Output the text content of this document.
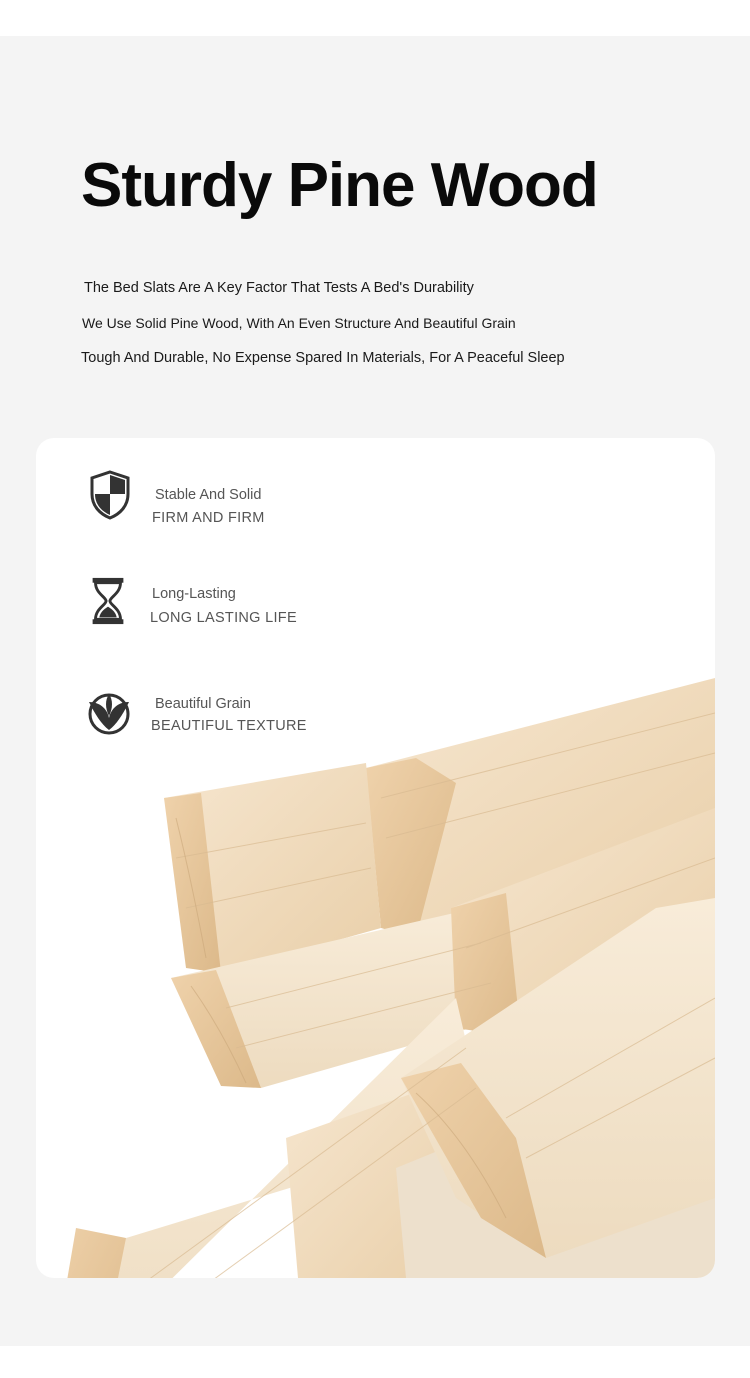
Sturdy Pine Wood

The Bed Slats Are A Key Factor That Tests A Bed's Durability

We Use Solid Pine Wood, With An Even Structure And Beautiful Grain

Tough And Durable, No Expense Spared In Materials, For A Peaceful Sleep

Stable And Solid
FIRM AND FIRM
Long-Lasting
LONG LASTING LIFE
Beautiful Grain
BEAUTIFUL TEXTURE
